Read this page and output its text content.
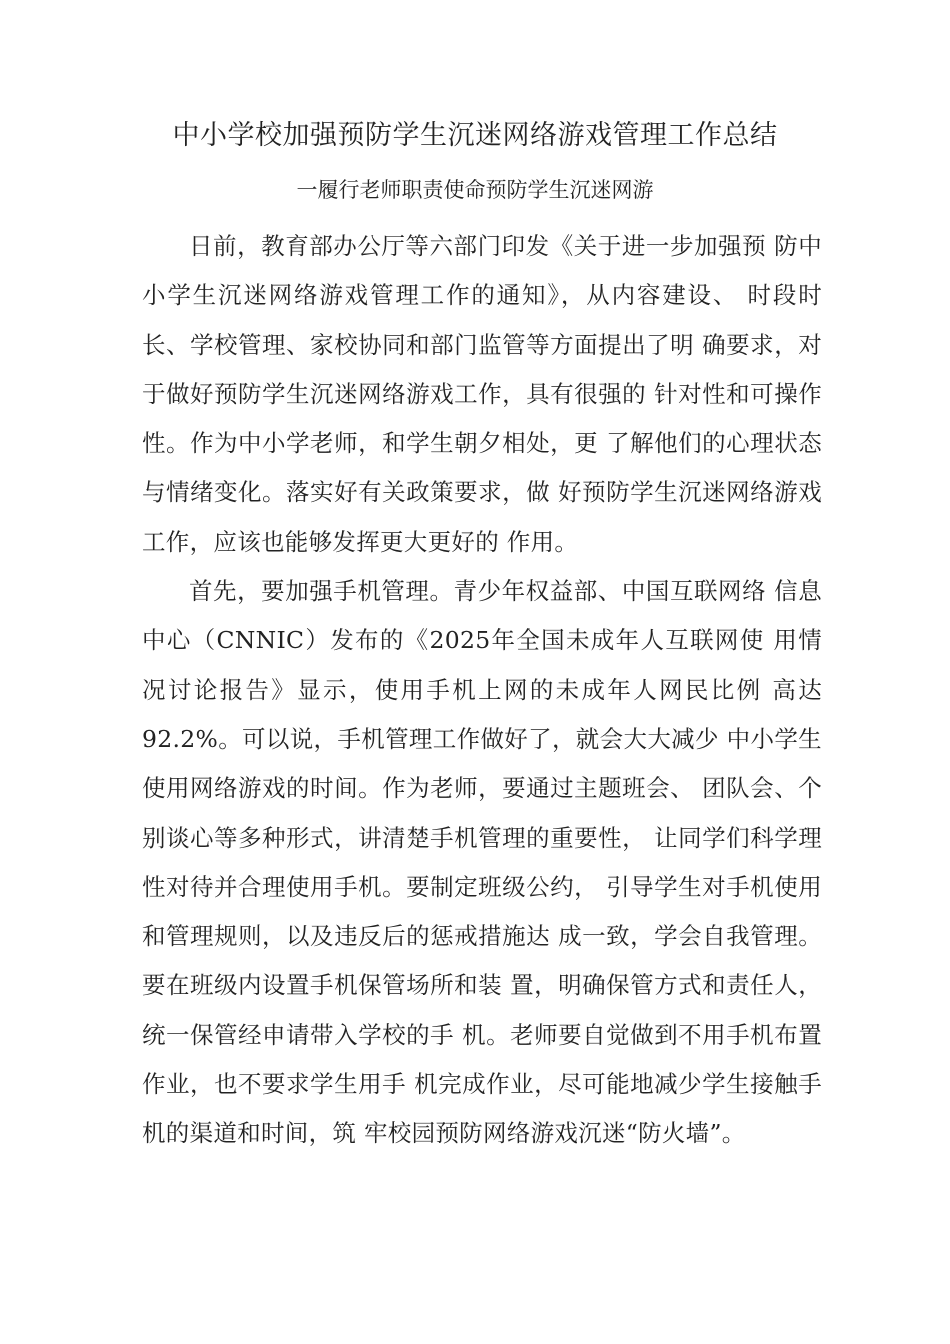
中小学校加强预防学生沉迷网络游戏管理工作总结

一履行老师职责使命预防学生沉迷网游

日前，教育部办公厅等六部门印发《关于进一步加强预 防中小学生沉迷网络游戏管理工作的通知》，从内容建设、 时段时长、学校管理、家校协同和部门监管等方面提出了明 确要求，对于做好预防学生沉迷网络游戏工作，具有很强的 针对性和可操作性。作为中小学老师，和学生朝夕相处，更 了解他们的心理状态与情绪变化。落实好有关政策要求，做 好预防学生沉迷网络游戏工作，应该也能够发挥更大更好的 作用。

首先，要加强手机管理。青少年权益部、中国互联网络 信息中心（CNNIC）发布的《2025年全国未成年人互联网使 用情况讨论报告》显示，使用手机上网的未成年人网民比例 高达92.2%。可以说，手机管理工作做好了，就会大大减少 中小学生使用网络游戏的时间。作为老师，要通过主题班会、 团队会、个别谈心等多种形式，讲清楚手机管理的重要性， 让同学们科学理性对待并合理使用手机。要制定班级公约， 引导学生对手机使用和管理规则，以及违反后的惩戒措施达 成一致，学会自我管理。要在班级内设置手机保管场所和装 置，明确保管方式和责任人，统一保管经申请带入学校的手 机。老师要自觉做到不用手机布置作业，也不要求学生用手 机完成作业，尽可能地减少学生接触手机的渠道和时间，筑 牢校园预防网络游戏沉迷“防火墙”。
